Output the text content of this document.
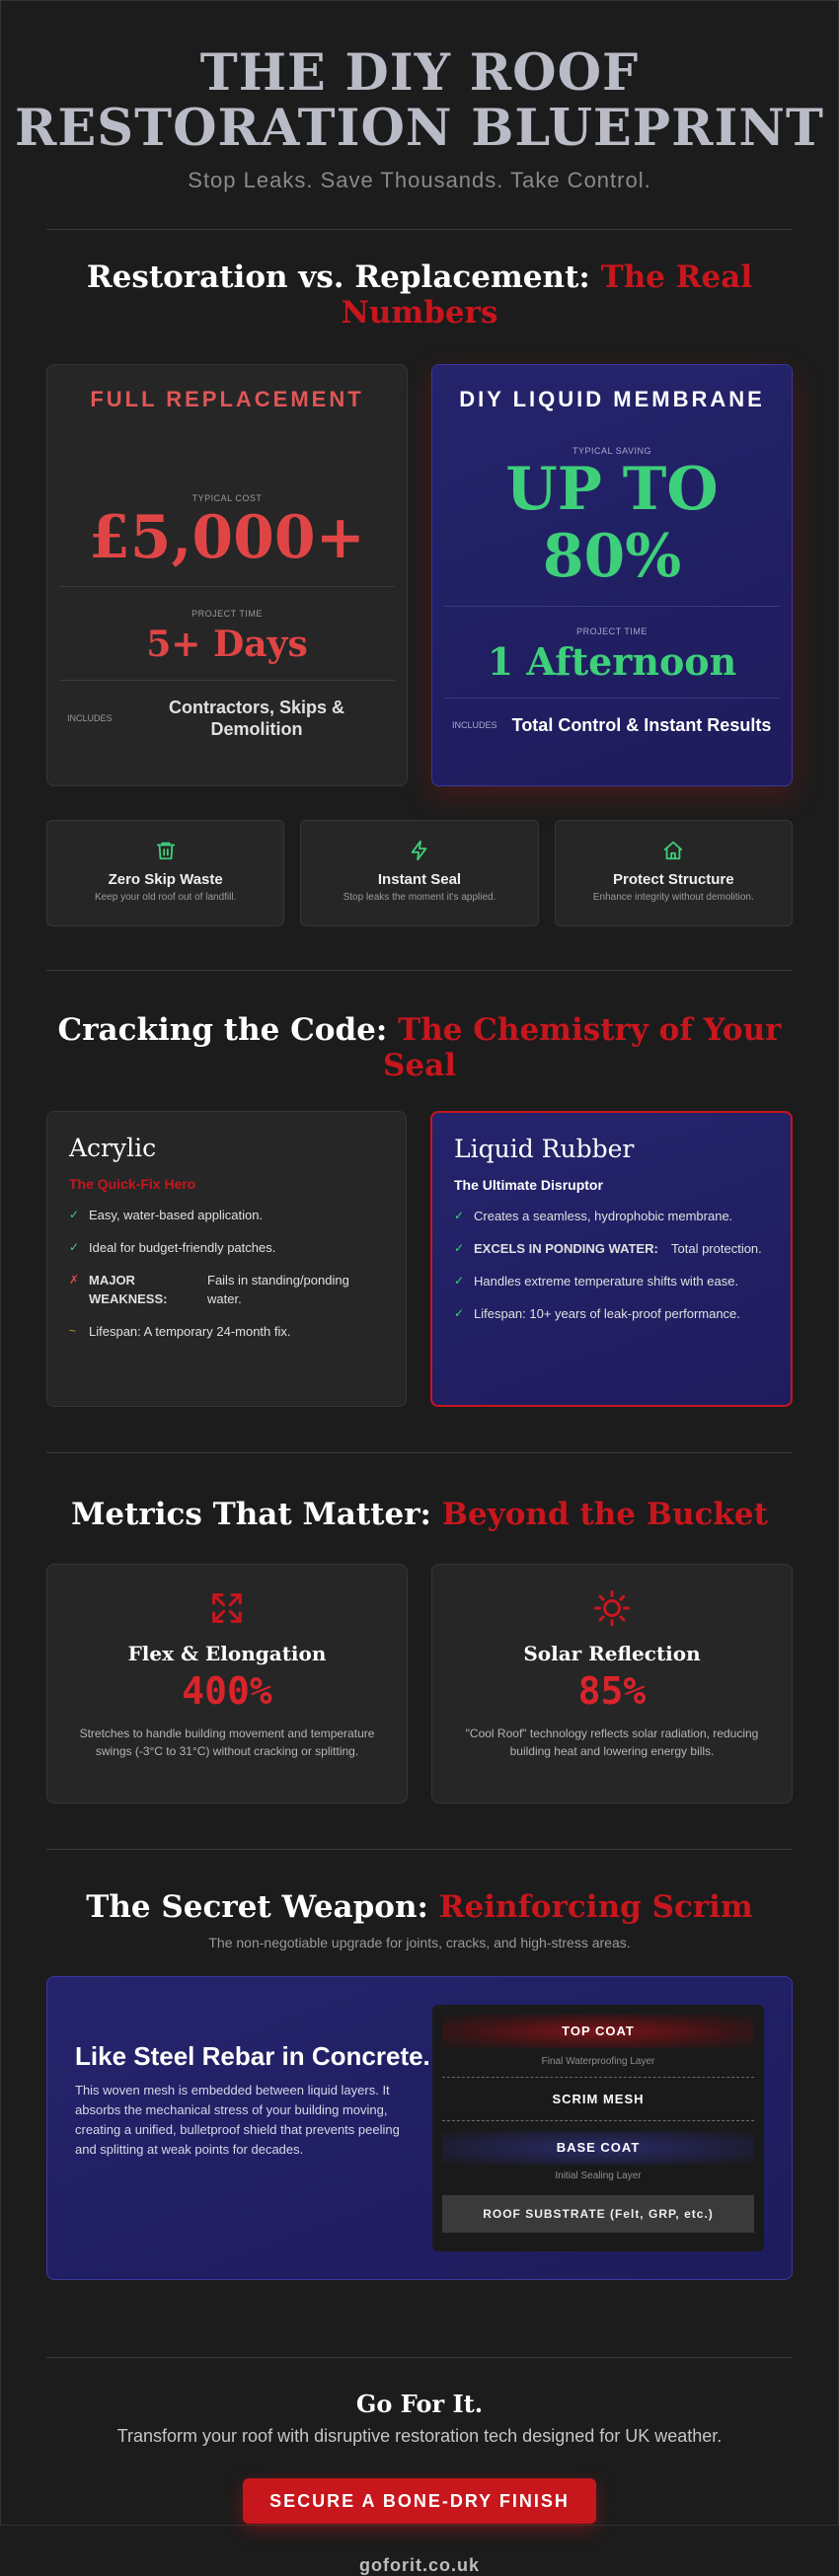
THE DIY ROOF
RESTORATION BLUEPRINT
Stop Leaks. Save Thousands. Take Control.
Restoration vs. Replacement: The Real Numbers
FULL REPLACEMENT
TYPICAL COST
£5,000+
PROJECT TIME
5+ Days
INCLUDES
Contractors, Skips & Demolition
DIY LIQUID MEMBRANE
TYPICAL SAVING
UP TO
80%
PROJECT TIME
1 Afternoon
INCLUDES Total Control & Instant Results
Zero Skip Waste
Keep your old roof out of landfill.
Instant Seal
Stop leaks the moment it's applied.
Protect Structure
Enhance integrity without demolition.
Cracking the Code: The Chemistry of Your Seal
Acrylic
The Quick-Fix Hero
✓ Easy, water-based application.
✓ Ideal for budget-friendly patches.
✗ MAJOR WEAKNESS:
Fails in standing/ponding water.
~ Lifespan: A temporary 24-month fix.
Liquid Rubber
The Ultimate Disruptor
✓ Creates a seamless, hydrophobic membrane.
✓ EXCELS IN PONDING WATER:	Total protection.
✓ Handles extreme temperature shifts with ease.
✓ Lifespan: 10+ years of leak-proof performance.
Metrics That Matter: Beyond the Bucket
Flex & Elongation
400%
Stretches to handle building movement and temperature swings (-3°C to 31°C) without cracking or splitting.
Solar Reflection
85%
"Cool Roof" technology reflects solar radiation, reducing building heat and lowering energy bills.
The Secret Weapon: Reinforcing Scrim
The non-negotiable upgrade for joints, cracks, and high-stress areas.
Like Steel Rebar in Concrete.

This woven mesh is embedded between liquid layers. It absorbs the mechanical stress of your building moving, creating a unified, bulletproof shield that prevents peeling and splitting at weak points for decades.

TOP COAT
Final Waterproofing Layer
SCRIM MESH
BASE COAT
Initial Sealing Layer
ROOF SUBSTRATE (Felt, GRP, etc.)
Go For It.
Transform your roof with disruptive restoration tech designed for UK weather.
SECURE A BONE-DRY FINISH
goforit.co.uk
